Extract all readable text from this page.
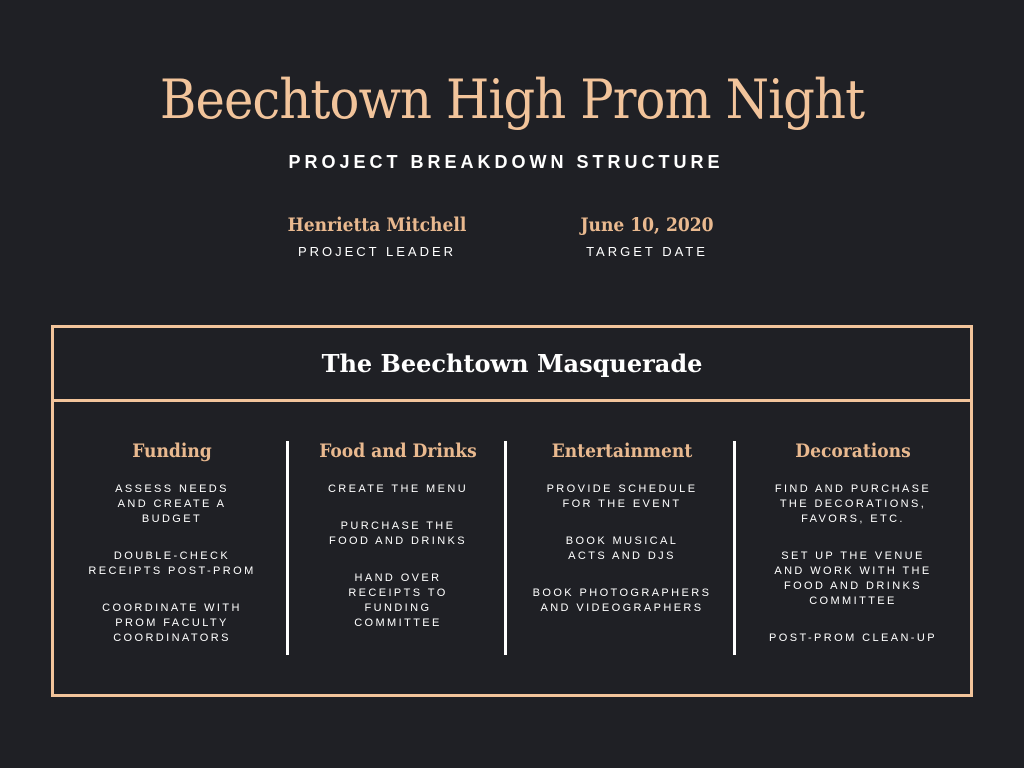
Beechtown High Prom Night
PROJECT BREAKDOWN STRUCTURE
Henrietta Mitchell
PROJECT LEADER
June 10, 2020
TARGET DATE
The Beechtown Masquerade
Funding
ASSESS NEEDS AND CREATE A BUDGET
DOUBLE-CHECK RECEIPTS POST-PROM
COORDINATE WITH PROM FACULTY COORDINATORS
Food and Drinks
CREATE THE MENU
PURCHASE THE FOOD AND DRINKS
HAND OVER RECEIPTS TO FUNDING COMMITTEE
Entertainment
PROVIDE SCHEDULE FOR THE EVENT
BOOK MUSICAL ACTS AND DJS
BOOK PHOTOGRAPHERS AND VIDEOGRAPHERS
Decorations
FIND AND PURCHASE THE DECORATIONS, FAVORS, ETC.
SET UP THE VENUE AND WORK WITH THE FOOD AND DRINKS COMMITTEE
POST-PROM CLEAN-UP
